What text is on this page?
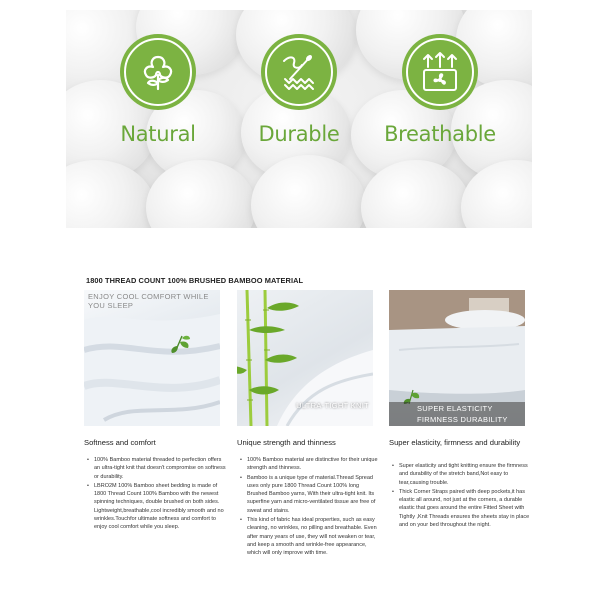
Natural	Durable	Breathable
1800 THREAD COUNT 100% BRUSHED BAMBOO MATERIAL
ENJOY COOL COMFORT WHILE YOU SLEEP
ULTRA-TIGHT KNIT	SUPER ELASTICITY
FIRMNESS DURABILITY
Softness and comfort
• 100% Bamboo material threaded to perfection offers an ultra-tight knit that doesn't compromise on softness or durability.
• LBRO2M 100% Bamboo sheet bedding is made of 1800 Thread Count 100% Bamboo with the newest spinning techniques, double brushed on both sides. Lightweight,breathable,cool incredibly smooth and no wrinkles.Touchfor ultimate softness and comfort to enjoy cool comfort while you sleep.
Unique strength and thinness
• 100% Bamboo material are distinctive for their unique strength and thinness.
• Bamboo is a unique type of material.Thread Spread uses only pure 1800 Thread Count 100% long Brushed Bamboo yarns, With their ultra-tight knit. Its superfine yarn and micro-ventilated tissue are free of sweat and stains.
• This kind of fabric has ideal properties, such as easy cleaning, no wrinkles, no pilling and breathable. Even after many years of use, they will not weaken or tear, and keep a smooth and wrinkle-free appearance, which will only improve with time.
Super elasticity, firmness and durability
• Super elasticity and tight knitting ensure the firmness and durability of the stretch band,Not easy to tear,causing trouble.
• Thick Corner Straps paired with deep pockets,it has elastic all around, not just at the corners, a durable elastic that goes around the entire Fitted Sheet with Tightly ,Knit Threads ensures the sheets stay in place and on your bed throughout the night.
